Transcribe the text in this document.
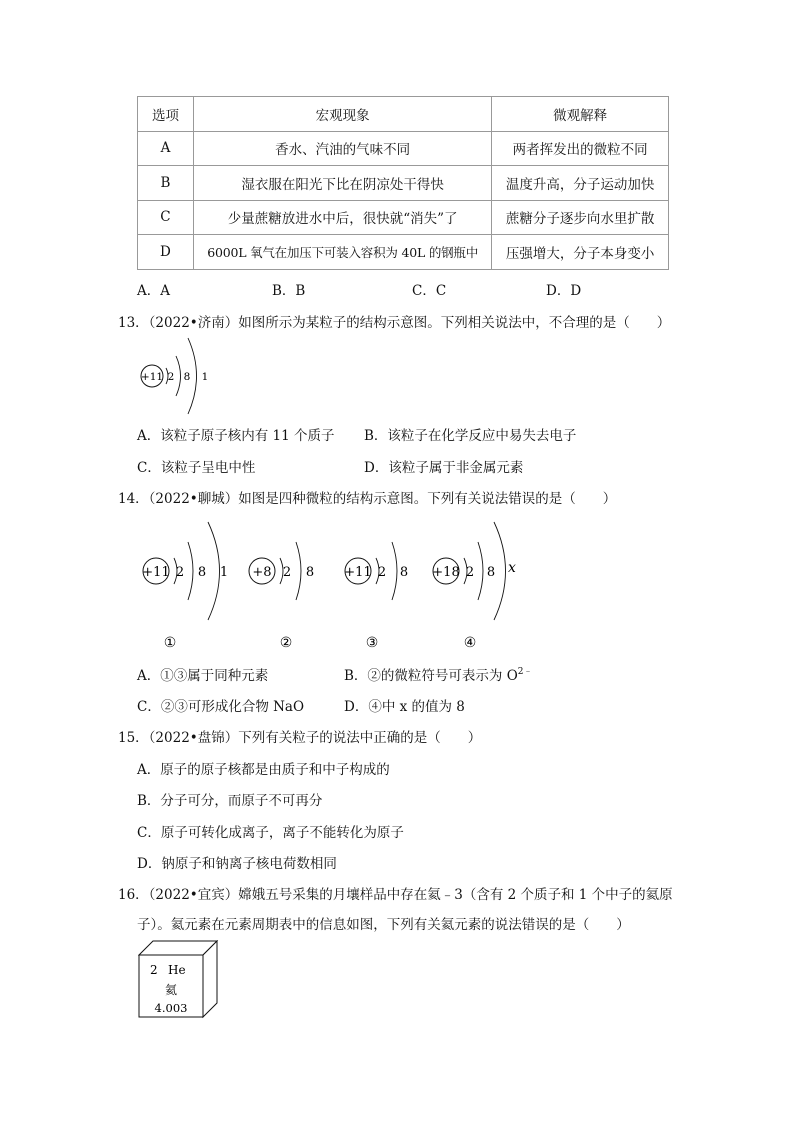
选项	宏观现象	微观解释
A	香水、汽油的气味不同	两者挥发出的微粒不同
B	湿衣服在阳光下比在阴凉处干得快	温度升高，分子运动加快
C	少量蔗糖放进水中后，很快就“消失”了	蔗糖分子逐步向水里扩散
D	6000L 氧气在加压下可装入容积为 40L 的钢瓶中	压强增大，分子本身变小
A．A	B．B	C．C	D．D
13．（2022•济南）如图所示为某粒子的结构示意图。下列相关说法中，不合理的是（　　）
+11 2 8 1
A．该粒子原子核内有 11 个质子 B．该粒子在化学反应中易失去电子
C．该粒子呈电中性	D．该粒子属于非金属元素
14．（2022•聊城）如图是四种微粒的结构示意图。下列有关说法错误的是（　　）
+11 2 8 1
①
+8 2 8
②
+11 2 8
③
+18 2 8 x
④
A．①③属于同种元素	B．②的微粒符号可表示为 $O^{2﹣}$
C．②③可形成化合物 NaO	D．④中 x 的值为 8
15．（2022•盘锦）下列有关粒子的说法中正确的是（　　）
A．原子的原子核都是由质子和中子构成的
B．分子可分，而原子不可再分
C．原子可转化成离子，离子不能转化为原子
D．钠原子和钠离子核电荷数相同
16．（2022•宜宾）嫦娥五号采集的月壤样品中存在氦﹣3（含有 2 个质子和 1 个中子的氦原
子）。氦元素在元素周期表中的信息如图，下列有关氦元素的说法错误的是（　　）
2 He
氦
4.003
